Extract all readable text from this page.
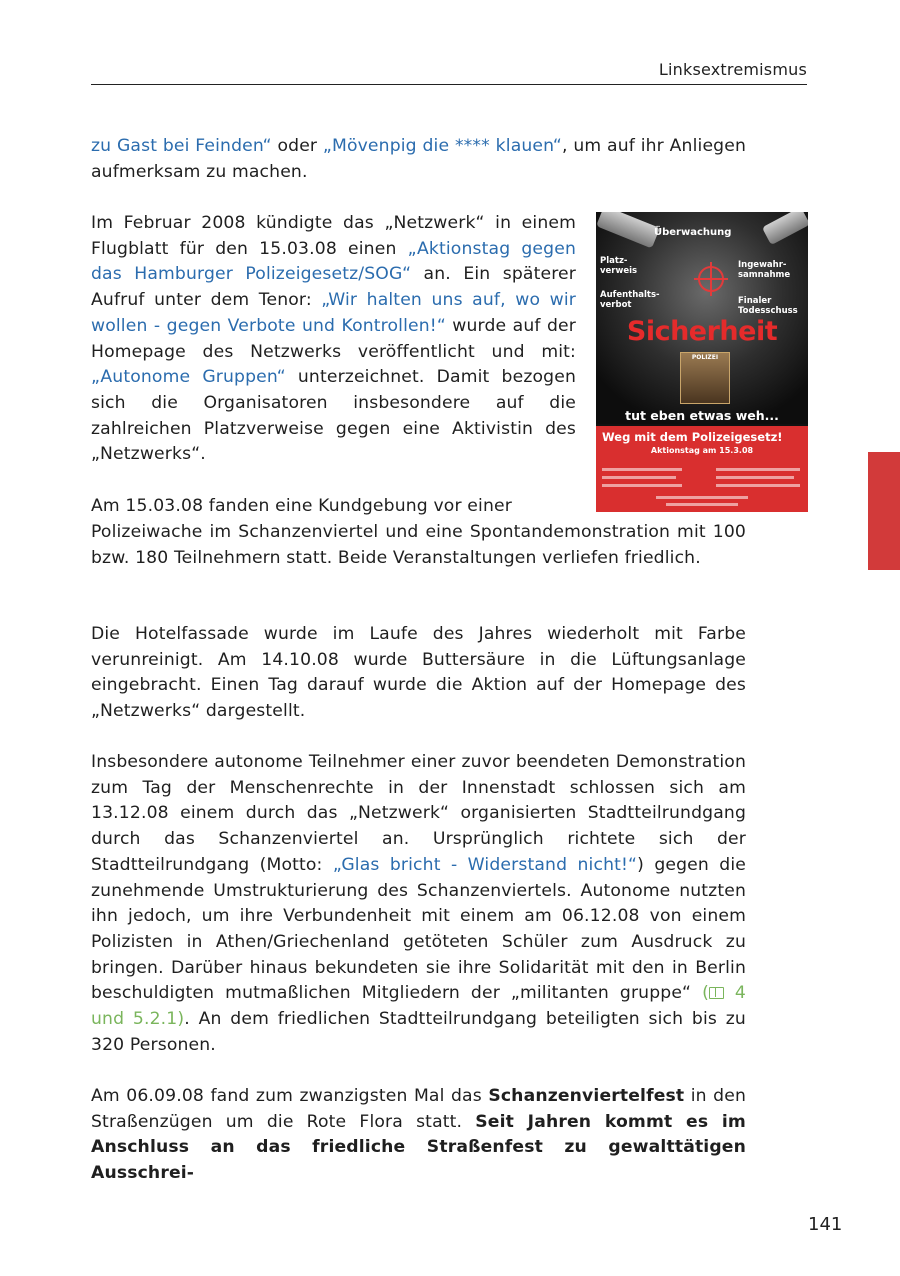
Linksextremismus

zu Gast bei Feinden“ oder „Mövenpig die **** klauen“, um auf ihr Anliegen aufmerksam zu machen.

Im Februar 2008 kündigte das „Netzwerk“ in einem Flugblatt für den 15.03.08 einen „Aktionstag gegen das Hamburger Polizeigesetz/SOG“ an. Ein späterer Aufruf unter dem Tenor: „Wir halten uns auf, wo wir wollen - gegen Verbote und Kontrollen!“ wurde auf der Homepage des Netzwerks veröffentlicht und mit: „Autonome Gruppen“ unterzeichnet. Damit bezogen sich die Organisatoren insbesondere auf die zahlreichen Platzverweise gegen eine Aktivistin des „Netzwerks“.

Am 15.03.08 fanden eine Kundgebung vor einer

Polizeiwache im Schanzenviertel und eine Spontandemonstration mit 100 bzw. 180 Teilnehmern statt. Beide Veranstaltungen verliefen friedlich.

Die Hotelfassade wurde im Laufe des Jahres wiederholt mit Farbe verunreinigt. Am 14.10.08 wurde Buttersäure in die Lüftungsanlage eingebracht. Einen Tag darauf wurde die Aktion auf der Homepage des „Netzwerks“ dargestellt.

Insbesondere autonome Teilnehmer einer zuvor beendeten Demonstration zum Tag der Menschenrechte in der Innenstadt schlossen sich am 13.12.08 einem durch das „Netzwerk“ organisierten Stadtteilrundgang durch das Schanzenviertel an. Ursprünglich richtete sich der Stadtteilrundgang (Motto: „Glas bricht - Widerstand nicht!“) gegen die zunehmende Umstrukturierung des Schanzenviertels. Autonome nutzten ihn jedoch, um ihre Verbundenheit mit einem am 06.12.08 von einem Polizisten in Athen/Griechenland getöteten Schüler zum Ausdruck zu bringen. Darüber hinaus bekundeten sie ihre Solidarität mit den in Berlin beschuldigten mutmaßlichen Mitgliedern der „militanten gruppe“ ( 4 und 5.2.1). An dem friedlichen Stadtteilrundgang beteiligten sich bis zu 320 Personen.

Am 06.09.08 fand zum zwanzigsten Mal das Schanzenviertelfest in den Straßenzügen um die Rote Flora statt. Seit Jahren kommt es im Anschluss an das friedliche Straßenfest zu gewalttätigen Ausschrei-

Überwachung
Platz-
verweis
Ingewahr-
samnahme
Aufenthalts-
verbot	Finaler
Todesschuss
Sicherheit
POLIZEI
tut eben etwas weh...
Weg mit dem Polizeigesetz!
Aktionstag am 15.3.08
141
